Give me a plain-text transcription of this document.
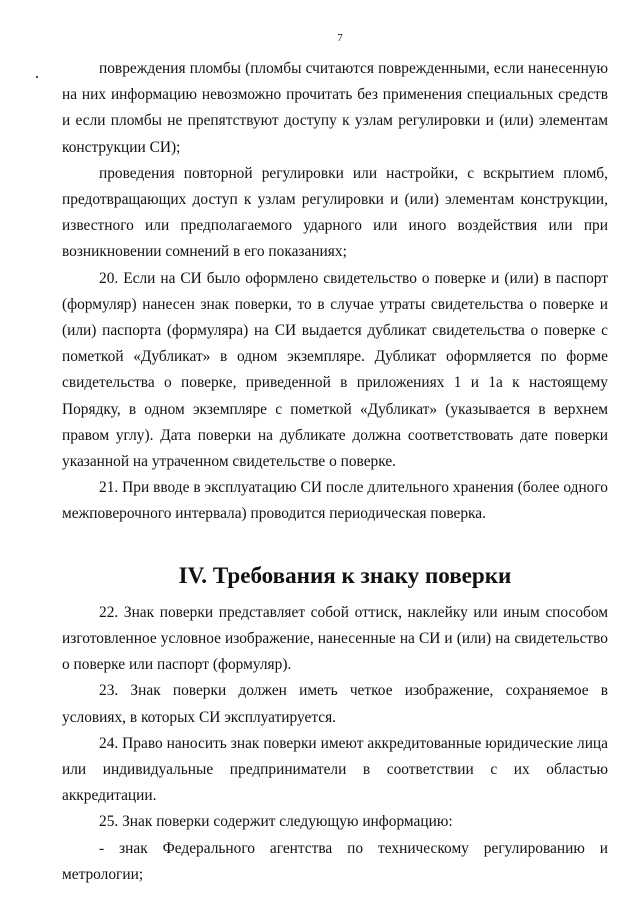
7

повреждения пломбы (пломбы считаются поврежденными, если нанесенную на них информацию невозможно прочитать без применения специальных средств и если пломбы не препятствуют доступу к узлам регулировки и (или) элементам конструкции СИ);

проведения повторной регулировки или настройки, с вскрытием пломб, предотвращающих доступ к узлам регулировки и (или) элементам конструкции, известного или предполагаемого ударного или иного воздействия или при возникновении сомнений в его показаниях;

20. Если на СИ было оформлено свидетельство о поверке и (или) в паспорт (формуляр) нанесен знак поверки, то в случае утраты свидетельства о поверке и (или) паспорта (формуляра) на СИ выдается дубликат свидетельства о поверке с пометкой «Дубликат» в одном экземпляре. Дубликат оформляется по форме свидетельства о поверке, приведенной в приложениях 1 и 1а к настоящему Порядку, в одном экземпляре с пометкой «Дубликат» (указывается в верхнем правом углу). Дата поверки на дубликате должна соответствовать дате поверки указанной на утраченном свидетельстве о поверке.

21. При вводе в эксплуатацию СИ после длительного хранения (более одного межповерочного интервала) проводится периодическая поверка.

IV. Требования к знаку поверки

22. Знак поверки представляет собой оттиск, наклейку или иным способом изготовленное условное изображение, нанесенные на СИ и (или) на свидетельство о поверке или паспорт (формуляр).

23. Знак поверки должен иметь четкое изображение, сохраняемое в условиях, в которых СИ эксплуатируется.

24. Право наносить знак поверки имеют аккредитованные юридические лица или индивидуальные предприниматели в соответствии с их областью аккредитации.

25. Знак поверки содержит следующую информацию:

- знак Федерального агентства по техническому регулированию и метрологии;
